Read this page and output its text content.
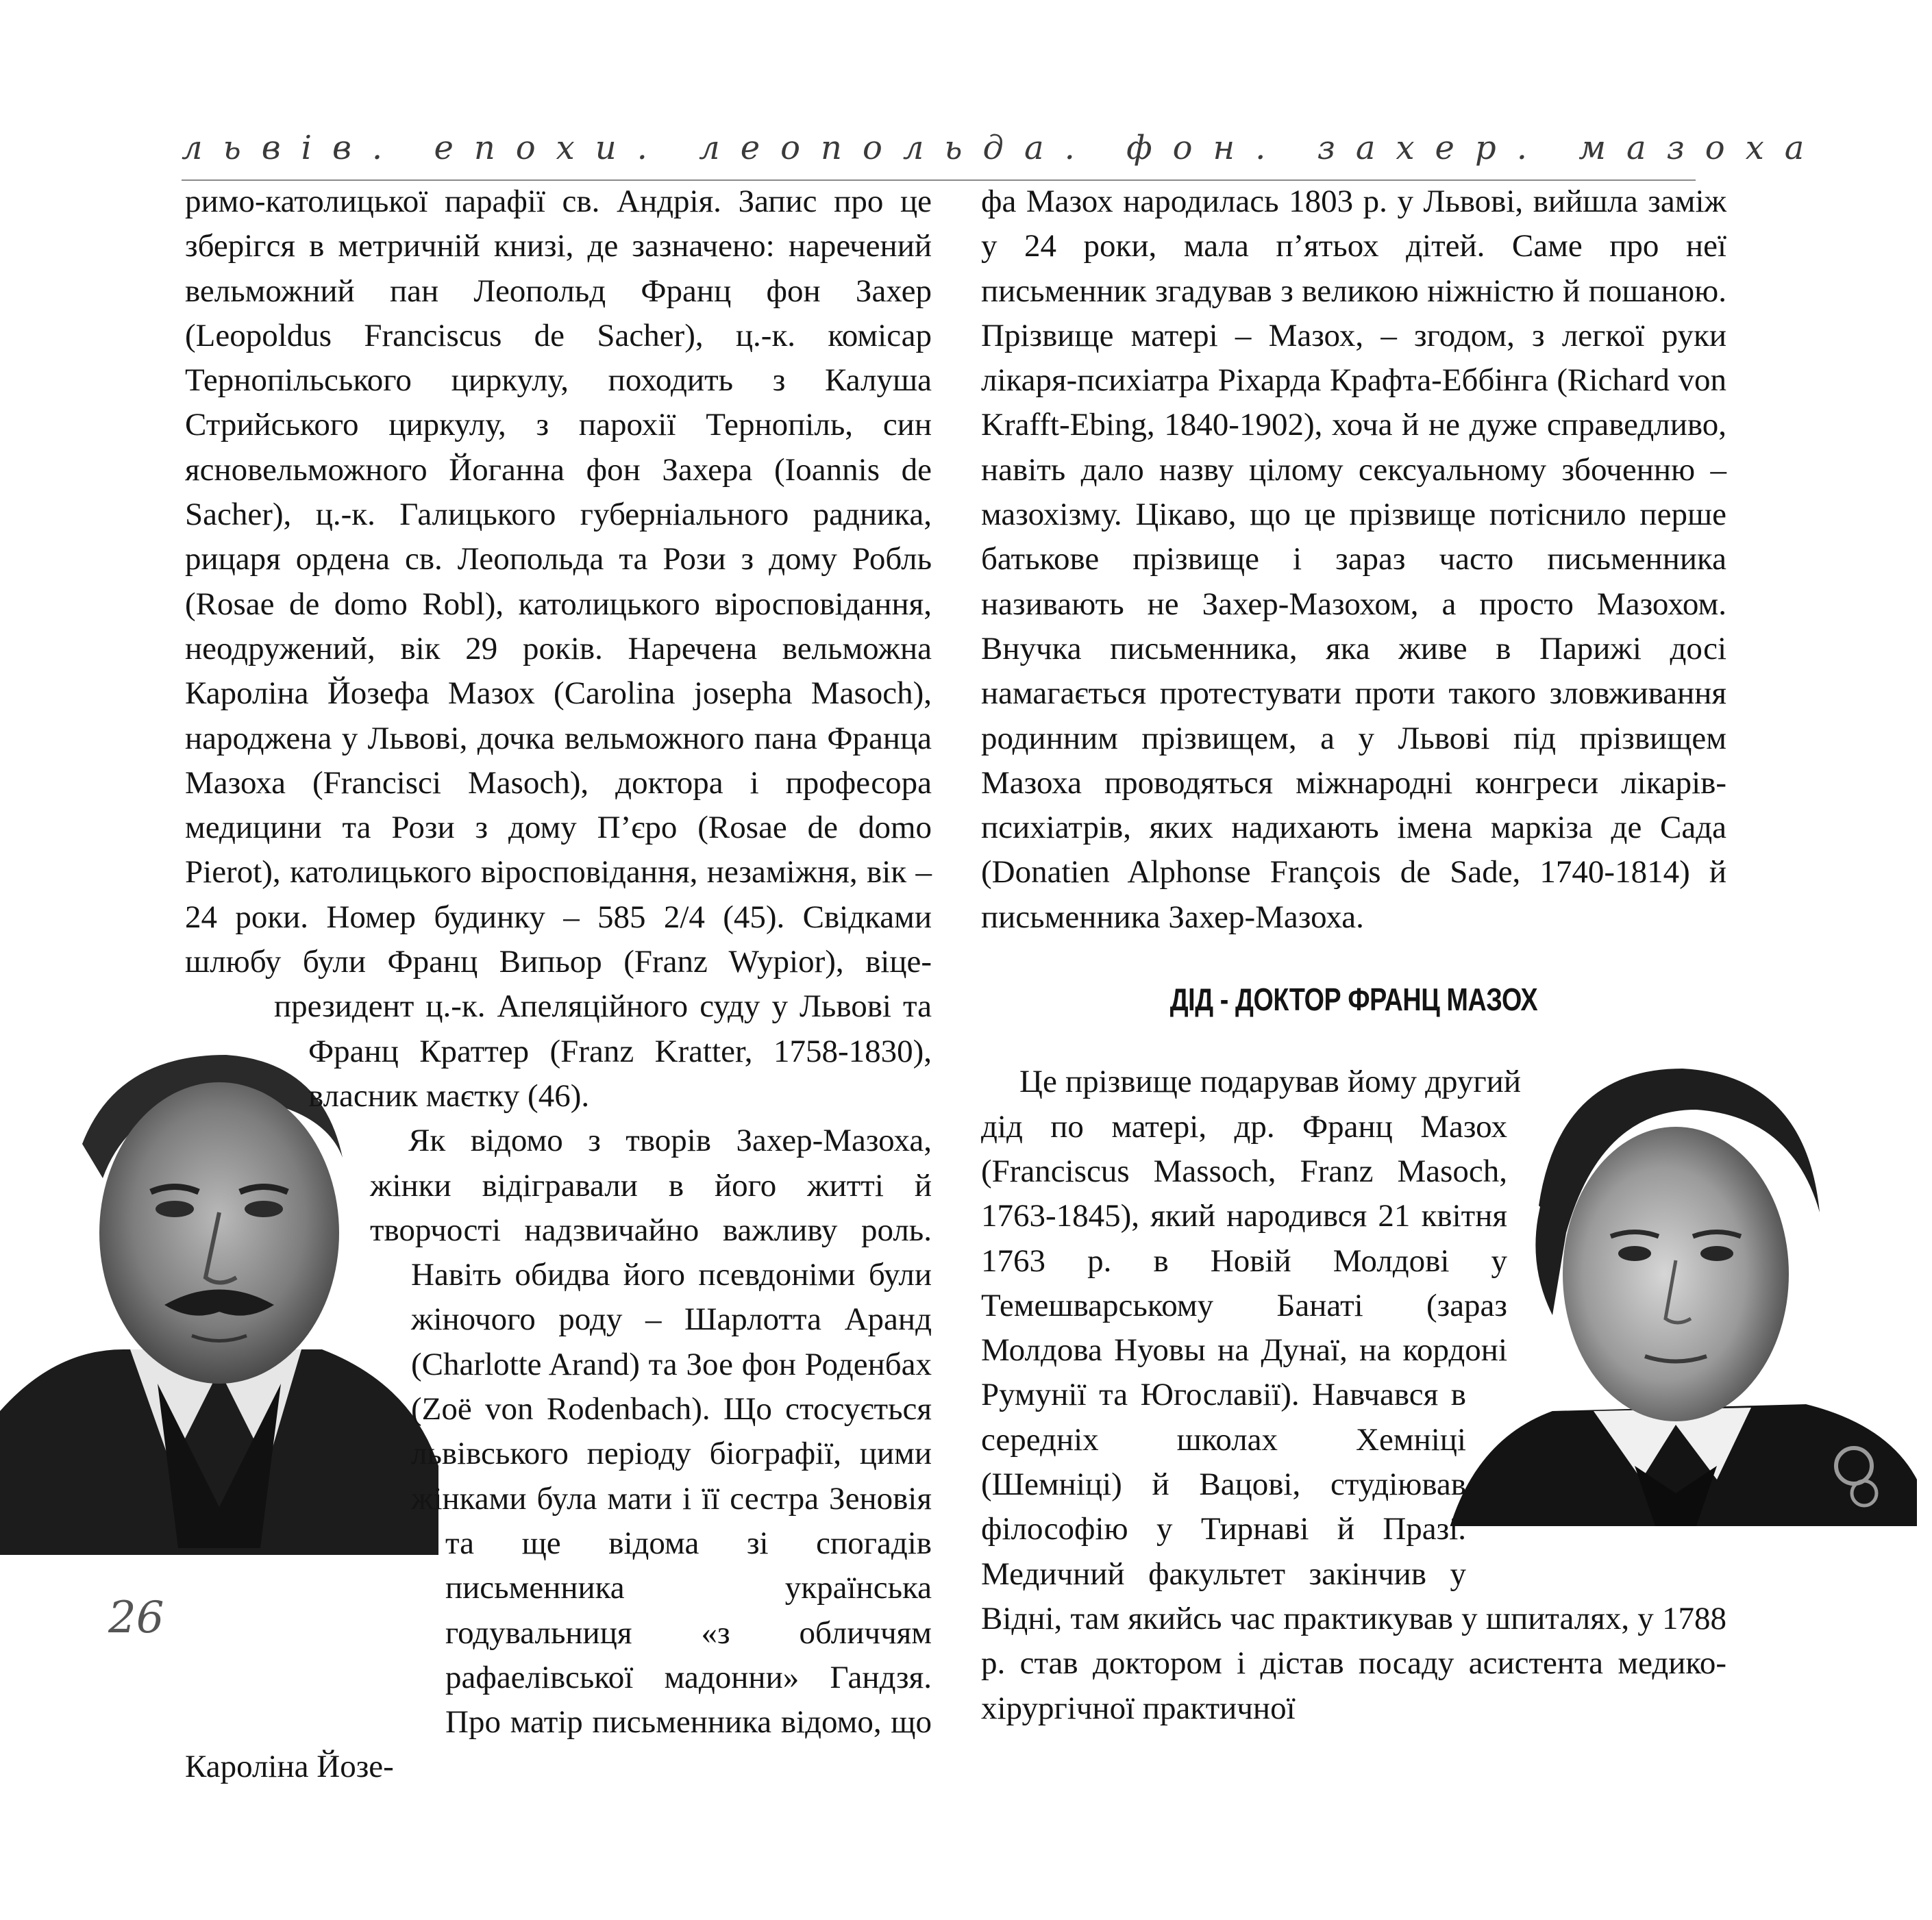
львів. епохи. леопольда. фон. захер. мазоха

римо-католицької парафії св. Андрія. Запис про це зберігся в метричній книзі, де зазначено: наречений вельможний пан Леопольд Франц фон Захер (Leopoldus Franciscus de Sacher), ц.-к. комісар Тернопільського циркулу, походить з Калуша Стрийського циркулу, з парохії Тернопіль, син ясновельможного Йоганна фон Захера (Ioannis de Sacher), ц.-к. Галицького губерніального радника, рицаря ордена св. Леопольда та Рози з дому Робль (Rosae de domo Robl), католицького віросповідання, неодружений, вік 29 років. Наречена вельможна Кароліна Йозефа Мазох (Carolina josepha Masoch), народжена у Львові, дочка вельможного пана Франца Мазоха (Francisci Masoch), доктора і професора медицини та Рози з дому П’єро (Rosae de domo Pierot), католицького віросповідання, незаміжня, вік – 24 роки. Номер будинку – 585 2/4 (45). Свідками шлюбу були Франц Випьор (Franz Wypior), віце-президент ц.-к. Апеляційного суду у Львові та Франц Краттер (Franz Kratter, 1758-1830), власник маєтку (46).

Як відомо з творів Захер-Мазоха, жінки відігравали в його житті й творчості надзвичайно важливу роль. Навіть обидва його псевдоніми були жіночого роду – Шарлотта Аранд (Charlotte Arand) та Зое фон Роденбах (Zoë von Rodenbach). Що стосується львівського періоду біографії, цими жінками була мати і її сестра Зеновія та ще відома зі спогадів письменника українська годувальниця «з обличчям рафаелівської мадонни» Гандзя. Про матір письменника відомо, що Кароліна Йозе-

фа Мазох народилась 1803 р. у Львові, вийшла заміж у 24 роки, мала п’ятьох дітей. Саме про неї письменник згадував з великою ніжністю й пошаною. Прізвище матері – Мазох, – згодом, з легкої руки лікаря-психіатра Ріхарда Крафта-Еббінга (Richard von Krafft-Ebing, 1840-1902), хоча й не дуже справедливо, навіть дало назву цілому сексуальному збоченню – мазохізму. Цікаво, що це прізвище потіснило перше батькове прізвище і зараз часто письменника називають не Захер-Мазохом, а просто Мазохом. Внучка письменника, яка живе в Парижі досі намагається протестувати проти такого зловживання родинним прізвищем, а у Львові під прізвищем Мазоха проводяться міжнародні конгреси лікарів-психіатрів, яких надихають імена маркіза де Сада (Donatien Alphonse François de Sade, 1740-1814) й письменника Захер-Мазоха.

ДІД - ДОКТОР ФРАНЦ МАЗОХ

Це прізвище подарував йому другий дід по матері, др. Франц Мазох (Franciscus Massoch, Franz Masoch, 1763-1845), який народився 21 квітня 1763 р. в Новій Молдові у Темешварському Банаті (зараз Молдова Нуовы на Дунаї, на кордоні Румунії та Югославії). Навчався в середніх школах Хемніці (Шемніці) й Вацові, студіював філософію у Тирнаві й Празі. Медичний факультет закінчив у Відні, там якийсь час практикував у шпиталях, у 1788 р. став доктором і дістав посаду асистента медико-хірургічної практичної

26
